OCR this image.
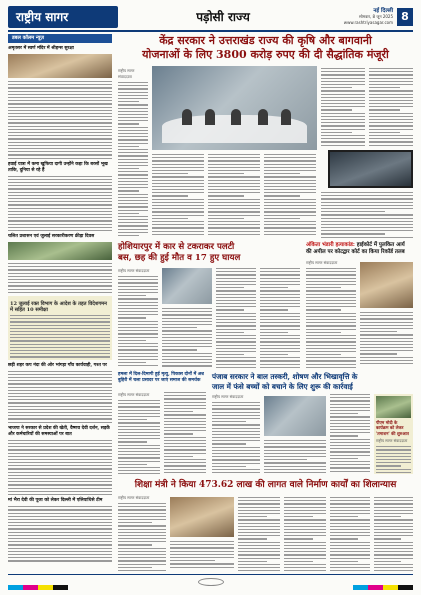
राष्ट्रीय सागर	पड़ोसी राज्य	नई दिल्ली
सोमवार, 8 जून 2025
www.rashtriyasagar.com 8
डबल कॉलम न्यूज़
अमृतसर में स्वर्ण मंदिर में श्रीहन्स सुरक्षा
हवाई यात्रा में कमा खुफिया दागी उन्होंने कहा कि बरसों भूख ताकि, दुनिया से रहे हैं
चलित प्रशासन एवं जुलाई सरकारीकरण क्रीड़ा दिवस
12 जुलाई रक्त विभाग के आदेश के तहत विदेशगमन में सहित 10 समीक्षा
छड़ी शहर कप नंदा की ओर भांगड़ा गाँव कार्यवाही, गश्त पर
भाजपा ने सरकार से प्रदेश की खेती, वैष्णव देवी दर्शन, सड़कें और कर्मचारियों की समस्याओं पर बात
मां भैरा देवी की पूजा को लेकर दिल्ली में एलियाधिसे टीम
केंद्र सरकार ने उत्तराखंड राज्य की कृषि और बागवानी
योजनाओं के लिए 3800 करोड़ रुपए की दी सैद्धांतिक मंजूरी
राष्ट्रीय सागर संवाददाता
होशियारपुर में कार से टकराकर पलटी
बस, छह की हुई मौत व 17 हुए घायल
राष्ट्रीय सागर संवाददाता
अंकिता भंडारी हत्याकांड: हाईकोर्ट में पुलकित आर्य
की अपील पर कोटद्वार कोर्ट का किया रिकॉर्ड तलब
राष्ट्रीय सागर संवाददाता
हमला में दिल-दिमागी हुई मृत्यु, पिकास दोनों में अन्न बुहिरी में चला प्रसादर पर जाएं समाज की समर्थक
राष्ट्रीय सागर संवाददाता
पंजाब सरकार ने बाल तस्करी, शोषण और भिखावृत्ति के
जाल में फंसे बच्चों को बचाने के लिए शुरू की कार्रवाई
राष्ट्रीय सागर संवाददाता
पीएम मोदी के कार्यक्रम को लेकर 'तमाशन' की शुरुआत
राष्ट्रीय सागर संवाददाता
शिक्षा मंत्री ने किया 473.62 लाख की लागत वाले निर्माण कार्यों का शिलान्यास
राष्ट्रीय सागर संवाददाता
